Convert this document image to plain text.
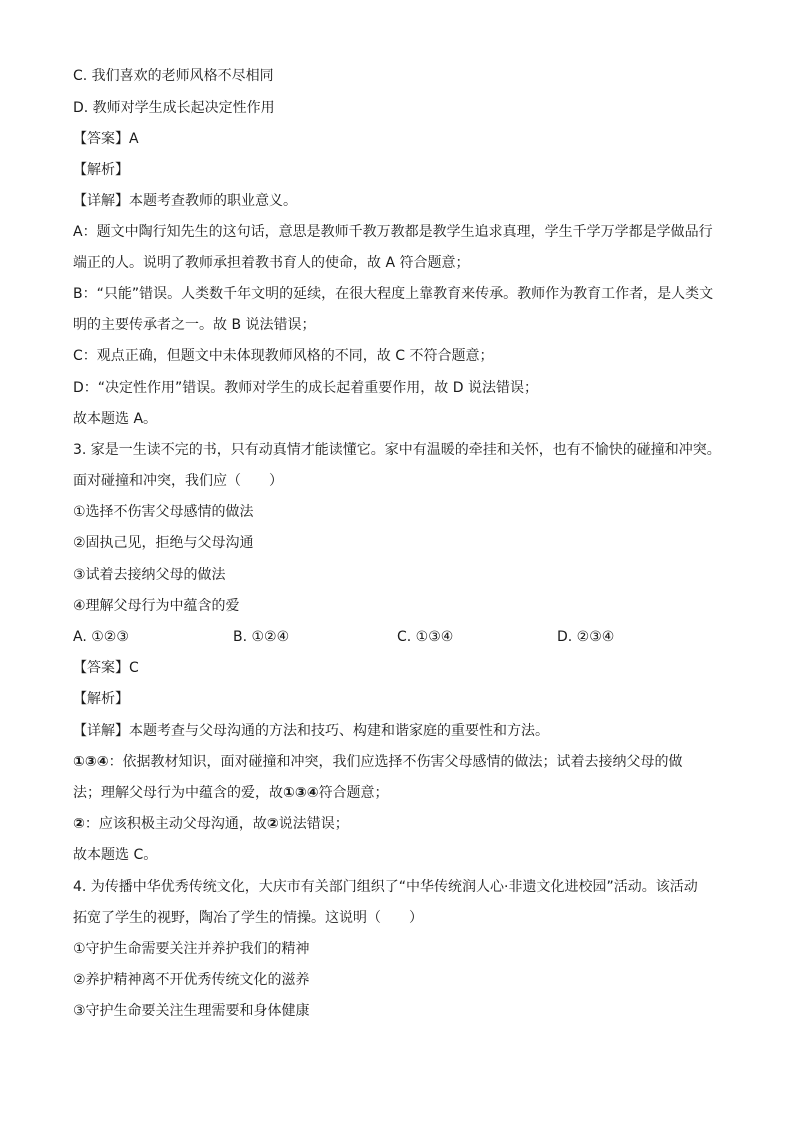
C. 我们喜欢的老师风格不尽相同
D. 教师对学生成长起决定性作用
【答案】A
【解析】
【详解】本题考查教师的职业意义。
A：题文中陶行知先生的这句话，意思是教师千教万教都是教学生追求真理，学生千学万学都是学做品行
端正的人。说明了教师承担着教书育人的使命，故 A 符合题意；
B：“只能”错误。人类数千年文明的延续，在很大程度上靠教育来传承。教师作为教育工作者，是人类文
明的主要传承者之一。故 B 说法错误；
C：观点正确，但题文中未体现教师风格的不同，故 C 不符合题意；
D：“决定性作用”错误。教师对学生的成长起着重要作用，故 D 说法错误；
故本题选 A。
3. 家是一生读不完的书，只有动真情才能读懂它。家中有温暖的牵挂和关怀，也有不愉快的碰撞和冲突。
面对碰撞和冲突，我们应（　　）
①选择不伤害父母感情的做法
②固执己见，拒绝与父母沟通
③试着去接纳父母的做法
④理解父母行为中蕴含的爱
A. ①②③	B. ①②④	C. ①③④	D. ②③④
【答案】C
【解析】
【详解】本题考查与父母沟通的方法和技巧、构建和谐家庭的重要性和方法。
①③④：依据教材知识，面对碰撞和冲突，我们应选择不伤害父母感情的做法；试着去接纳父母的做
法；理解父母行为中蕴含的爱，故①③④符合题意；
②：应该积极主动父母沟通，故②说法错误；
故本题选 C。
4. 为传播中华优秀传统文化，大庆市有关部门组织了“中华传统润人心·非遗文化进校园”活动。该活动
拓宽了学生的视野，陶冶了学生的情操。这说明（　　）
①守护生命需要关注并养护我们的精神
②养护精神离不开优秀传统文化的滋养
③守护生命要关注生理需要和身体健康
